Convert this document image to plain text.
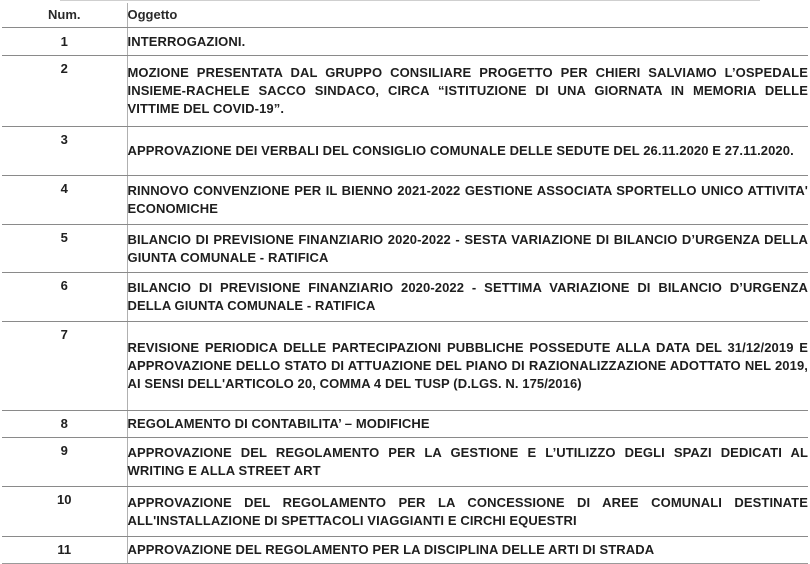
Num.	Oggetto
1	INTERROGAZIONI.
2	MOZIONE PRESENTATA DAL GRUPPO CONSILIARE PROGETTO PER CHIERI SALVIAMO L’OSPEDALE INSIEME-RACHELE SACCO SINDACO, CIRCA “ISTITUZIONE DI UNA GIORNATA IN MEMORIA DELLE VITTIME DEL COVID-19”.
3	APPROVAZIONE DEI VERBALI DEL CONSIGLIO COMUNALE DELLE SEDUTE DEL 26.11.2020 E 27.11.2020.
4	RINNOVO CONVENZIONE PER IL BIENNO 2021-2022 GESTIONE ASSOCIATA SPORTELLO UNICO ATTIVITA' ECONOMICHE
5	BILANCIO DI PREVISIONE FINANZIARIO 2020-2022 - SESTA VARIAZIONE DI BILANCIO D’URGENZA DELLA GIUNTA COMUNALE - RATIFICA
6	BILANCIO DI PREVISIONE FINANZIARIO 2020-2022 - SETTIMA VARIAZIONE DI BILANCIO D’URGENZA DELLA GIUNTA COMUNALE - RATIFICA
7	REVISIONE PERIODICA DELLE PARTECIPAZIONI PUBBLICHE POSSEDUTE ALLA DATA DEL 31/12/2019 E APPROVAZIONE DELLO STATO DI ATTUAZIONE DEL PIANO DI RAZIONALIZZAZIONE ADOTTATO NEL 2019, AI SENSI DELL'ARTICOLO 20, COMMA 4 DEL TUSP (D.LGS. N. 175/2016)
8	REGOLAMENTO DI CONTABILITA’ – MODIFICHE
9	APPROVAZIONE DEL REGOLAMENTO PER LA GESTIONE E L’UTILIZZO DEGLI SPAZI DEDICATI AL WRITING E ALLA STREET ART
10	APPROVAZIONE DEL REGOLAMENTO PER LA CONCESSIONE DI AREE COMUNALI DESTINATE ALL'INSTALLAZIONE DI SPETTACOLI VIAGGIANTI E CIRCHI EQUESTRI
11	APPROVAZIONE DEL REGOLAMENTO PER LA DISCIPLINA DELLE ARTI DI STRADA
